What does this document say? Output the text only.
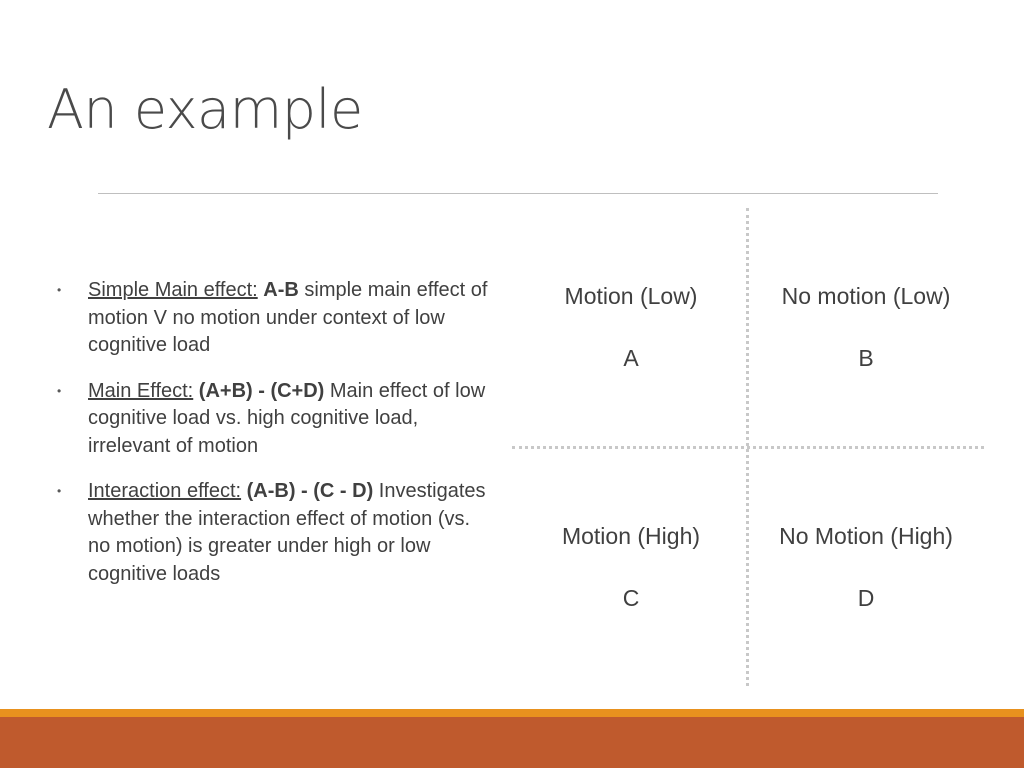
An example
• Simple Main effect: A-B simple main effect of motion V no motion under context of low cognitive load
• Main Effect: (A+B) - (C+D) Main effect of low cognitive load vs. high cognitive load, irrelevant of motion
• Interaction effect: (A-B) - (C - D) Investigates whether the interaction effect of motion (vs. no motion) is greater under high or low cognitive loads
Motion (Low)
A
No motion (Low)
B
Motion (High)
C
No Motion (High)
D
